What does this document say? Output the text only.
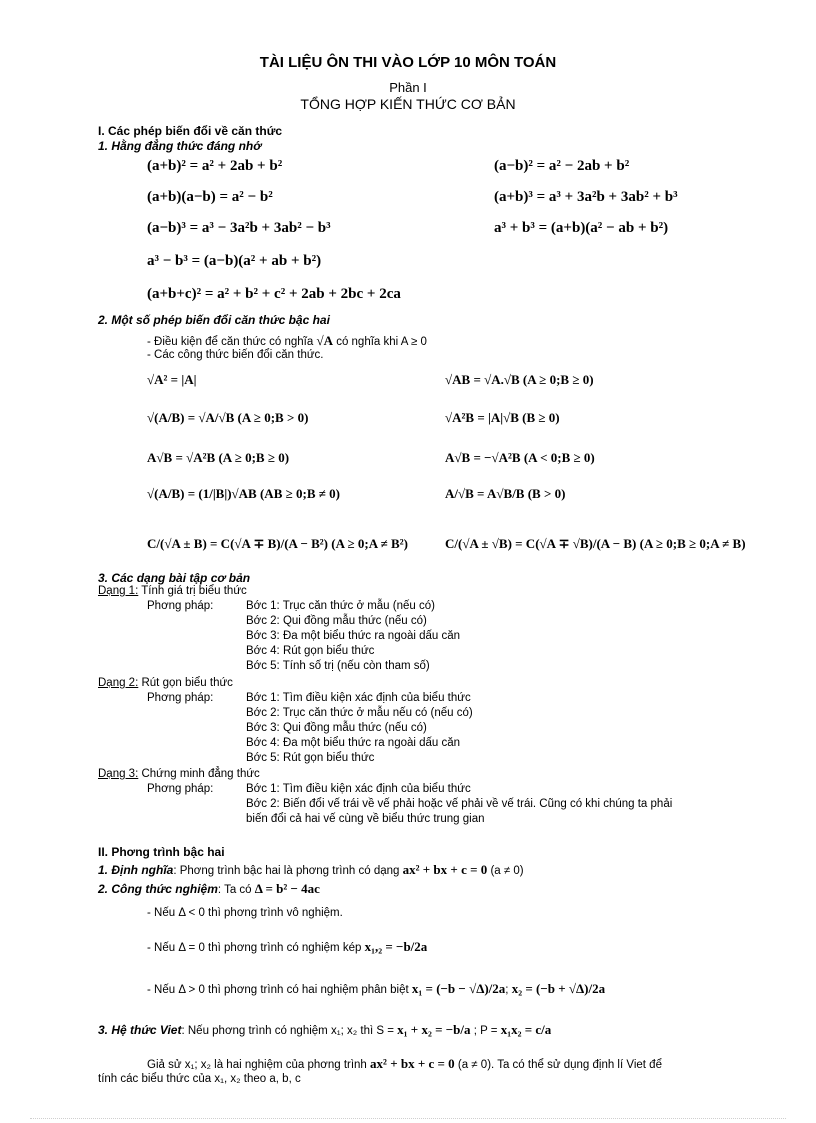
TÀI LIỆU ÔN THI VÀO LỚP 10 MÔN TOÁN
Phần I
TỔNG HỢP KIẾN THỨC CƠ BẢN
I. Các phép biến đổi về căn thức
1. Hằng đẳng thức đáng nhớ
(a+b)² = a² + 2ab + b²	(a−b)² = a² − 2ab + b²
(a+b)(a−b) = a² − b²	(a+b)³ = a³ + 3a²b + 3ab² + b³
(a−b)³ = a³ − 3a²b + 3ab² − b³	a³ + b³ = (a+b)(a² − ab + b²)
a³ − b³ = (a−b)(a² + ab + b²)
(a+b+c)² = a² + b² + c² + 2ab + 2bc + 2ca
2. Một số phép biến đổi căn thức bậc hai
- Điều kiện để căn thức có nghĩa √A có nghĩa khi A ≥ 0
- Các công thức biến đổi căn thức.
√A² = |A|	√AB = √A.√B (A ≥ 0;B ≥ 0)
√(A/B) = √A/√B (A ≥ 0;B > 0)	√A²B = |A|√B (B ≥ 0)
A√B = √A²B (A ≥ 0;B ≥ 0)	A√B = −√A²B (A < 0;B ≥ 0)
√(A/B) = (1/|B|)√AB (AB ≥ 0;B ≠ 0)	A/√B = A√B/B (B > 0)
C/(√A ± B) = C(√A ∓ B)/(A − B²) (A ≥ 0;A ≠ B²)	C/(√A ± √B) = C(√A ∓ √B)/(A − B) (A ≥ 0;B ≥ 0;A ≠ B)
3. Các dạng bài tập cơ bản
Dạng 1: Tính giá trị biểu thức
Phơng pháp:	Bớc 1: Trục căn thức ở mẫu (nếu có)
Bớc 2: Qui đồng mẫu thức (nếu có)
Bớc 3: Đa một biểu thức ra ngoài dấu căn
Bớc 4: Rút gọn biểu thức
Bớc 5: Tính số trị (nếu còn tham số)
Dạng 2: Rút gọn biểu thức
Phơng pháp:	Bớc 1: Tìm điều kiện xác định của biểu thức
Bớc 2: Trục căn thức ở mẫu nếu có (nếu có)
Bớc 3: Qui đồng mẫu thức (nếu có)
Bớc 4: Đa một biểu thức ra ngoài dấu căn
Bớc 5: Rút gọn biểu thức
Dạng 3: Chứng minh đẳng thức
Phơng pháp:	Bớc 1: Tìm điều kiện xác định của biểu thức
Bớc 2: Biến đổi vế trái về vế phải hoặc vế phải về vế trái. Cũng có khi chúng ta phải
biến đổi cả hai vế cùng về biểu thức trung gian
II. Phơng trình bậc hai
1. Định nghĩa: Phơng trình bậc hai là phơng trình có dạng ax² + bx + c = 0 (a ≠ 0)
2. Công thức nghiệm: Ta có Δ = b² − 4ac
- Nếu Δ < 0 thì phơng trình vô nghiệm.
- Nếu Δ = 0 thì phơng trình có nghiệm kép x₁,₂ = −b/2a
- Nếu Δ > 0 thì phơng trình có hai nghiệm phân biệt x₁ = (−b − √Δ)/2a; x₂ = (−b + √Δ)/2a
3. Hệ thức Viet: Nếu phơng trình có nghiệm x₁; x₂ thì S = x₁ + x₂ = −b/a ; P = x₁x₂ = c/a
Giả sử x₁; x₂ là hai nghiệm của phơng trình ax² + bx + c = 0 (a ≠ 0). Ta có thể sử dụng định lí Viet để
tính các biểu thức của x₁, x₂ theo a, b, c
